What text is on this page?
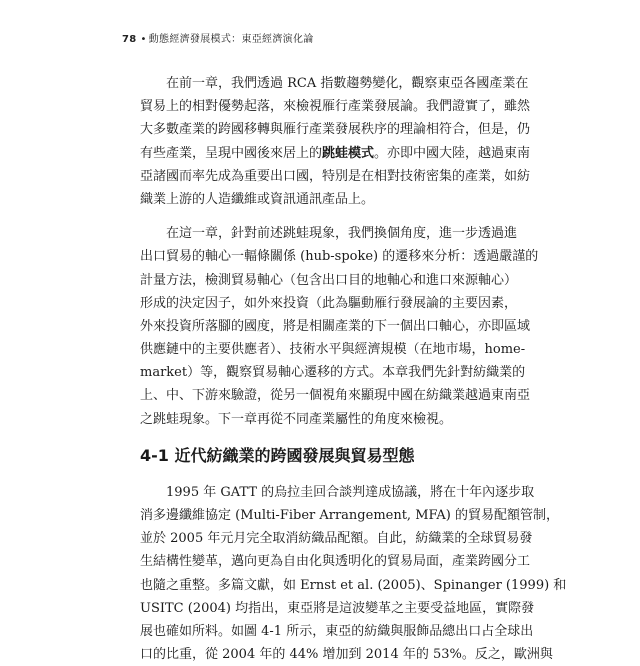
78 • 動態經濟發展模式：東亞經濟演化論
在前一章，我們透過 RCA 指數趨勢變化，觀察東亞各國產業在
貿易上的相對優勢起落，來檢視雁行產業發展論。我們證實了，雖然
大多數產業的跨國移轉與雁行產業發展秩序的理論相符合，但是，仍
有些產業，呈現中國後來居上的跳蛙模式。亦即中國大陸，越過東南
亞諸國而率先成為重要出口國，特別是在相對技術密集的產業，如紡
織業上游的人造纖維或資訊通訊產品上。
在這一章，針對前述跳蛙現象，我們換個角度，進一步透過進
出口貿易的軸心一輻條關係 (hub-spoke) 的遷移來分析：透過嚴謹的
計量方法，檢測貿易軸心（包含出口目的地軸心和進口來源軸心）
形成的決定因子，如外來投資（此為驅動雁行發展論的主要因素，
外來投資所落腳的國度，將是相關產業的下一個出口軸心，亦即區域
供應鏈中的主要供應者）、技術水平與經濟規模（在地市場，home-
market）等，觀察貿易軸心遷移的方式。本章我們先針對紡織業的
上、中、下游來驗證，從另一個視角來顯現中國在紡織業越過東南亞
之跳蛙現象。下一章再從不同產業屬性的角度來檢視。
4-1 近代紡織業的跨國發展與貿易型態
1995 年 GATT 的烏拉圭回合談判達成協議，將在十年內逐步取
消多邊纖維協定 (Multi-Fiber Arrangement, MFA) 的貿易配額管制，
並於 2005 年元月完全取消紡織品配額。自此，紡織業的全球貿易發
生結構性變革，邁向更為自由化與透明化的貿易局面，產業跨國分工
也隨之重整。多篇文獻，如 Ernst et al. (2005)、Spinanger (1999) 和
USITC (2004) 均指出，東亞將是這波變革之主要受益地區，實際發
展也確如所料。如圖 4-1 所示，東亞的紡織與服飾品總出口占全球出
口的比重，從 2004 年的 44% 增加到 2014 年的 53%。反之，歐洲與
